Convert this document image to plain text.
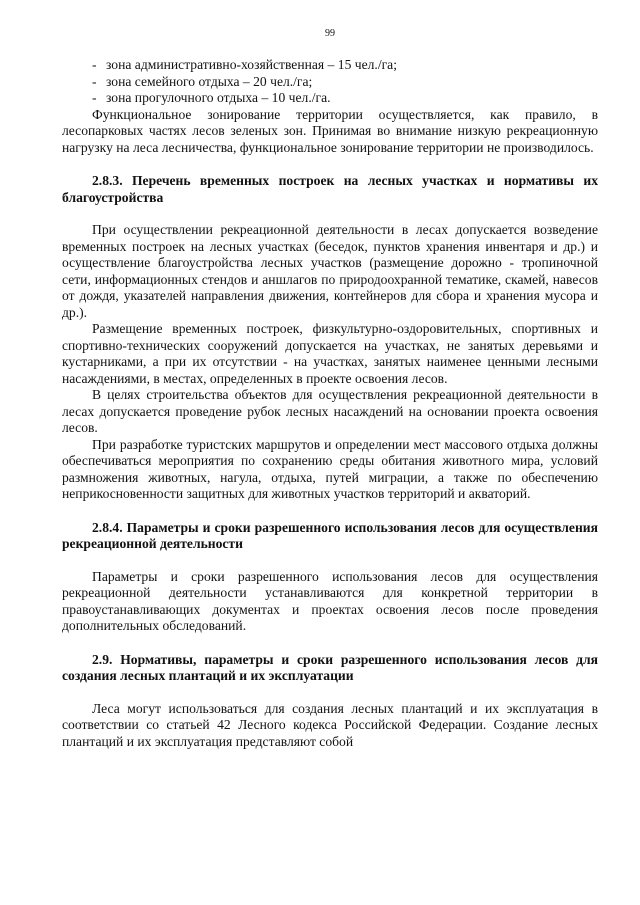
99
- зона административно-хозяйственная – 15 чел./га;
- зона семейного отдыха – 20 чел./га;
- зона прогулочного отдыха – 10 чел./га.

Функциональное зонирование территории осуществляется, как правило, в лесопарковых частях лесов зеленых зон. Принимая во внимание низкую рекреационную нагрузку на леса лесничества, функциональное зонирование территории не производилось.

2.8.3. Перечень временных построек на лесных участках и нормативы их благоустройства

При осуществлении рекреационной деятельности в лесах допускается возведение временных построек на лесных участках (беседок, пунктов хранения инвентаря и др.) и осуществление благоустройства лесных участков (размещение дорожно - тропиночной сети, информационных стендов и аншлагов по природоохранной тематике, скамей, навесов от дождя, указателей направления движения, контейнеров для сбора и хранения мусора и др.).

Размещение временных построек, физкультурно-оздоровительных, спортивных и спортивно-технических сооружений допускается на участках, не занятых деревьями и кустарниками, а при их отсутствии - на участках, занятых наименее ценными лесными насаждениями, в местах, определенных в проекте освоения лесов.

В целях строительства объектов для осуществления рекреационной деятельности в лесах допускается проведение рубок лесных насаждений на основании проекта освоения лесов.

При разработке туристских маршрутов и определении мест массового отдыха должны обеспечиваться мероприятия по сохранению среды обитания животного мира, условий размножения животных, нагула, отдыха, путей миграции, а также по обеспечению неприкосновенности защитных для животных участков территорий и акваторий.

2.8.4. Параметры и сроки разрешенного использования лесов для осуществления рекреационной деятельности

Параметры и сроки разрешенного использования лесов для осуществления рекреационной деятельности устанавливаются для конкретной территории в правоустанавливающих документах и проектах освоения лесов после проведения дополнительных обследований.

2.9. Нормативы, параметры и сроки разрешенного использования лесов для создания лесных плантаций и их эксплуатации

Леса могут использоваться для создания лесных плантаций и их эксплуатация в соответствии со статьей 42 Лесного кодекса Российской Федерации. Создание лесных плантаций и их эксплуатация представляют собой
